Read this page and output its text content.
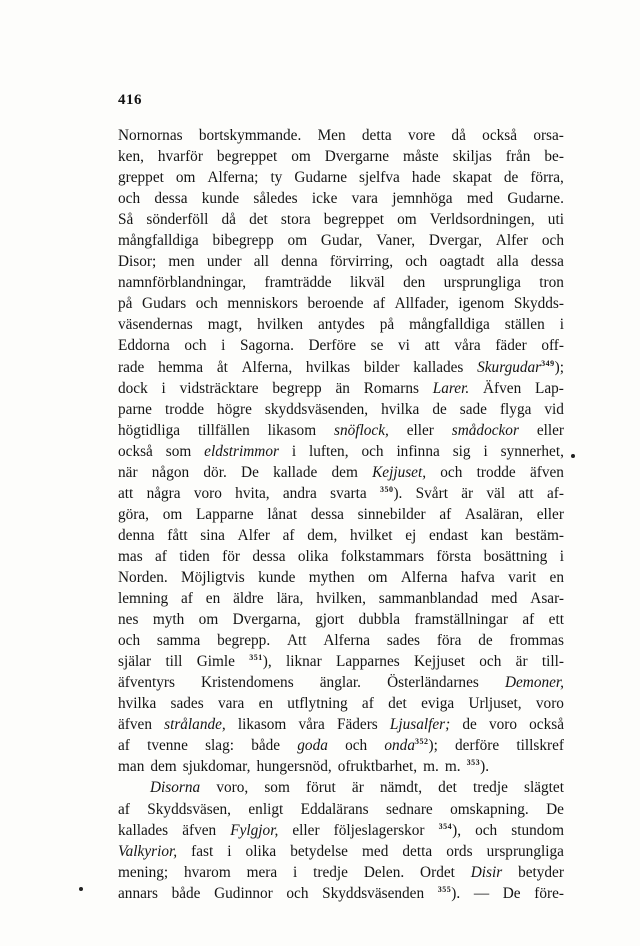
416
Nornornas bortskymmande. Men detta vore då också orsa-
ken, hvarför begreppet om Dvergarne måste skiljas från be-
greppet om Alferna; ty Gudarne sjelfva hade skapat de förra,
och dessa kunde således icke vara jemnhöga med Gudarne.
Så sönderföll då det stora begreppet om Verldsordningen, uti
mångfalldiga bibegrepp om Gudar, Vaner, Dvergar, Alfer och
Disor; men under all denna förvirring, och oagtadt alla dessa
namnförblandningar, framträdde likväl den ursprungliga tron
på Gudars och menniskors beroende af Allfader, igenom Skydds-
väsendernas magt, hvilken antydes på mångfalldiga ställen i
Eddorna och i Sagorna. Derföre se vi att våra fäder off-
rade hemma åt Alferna, hvilkas bilder kallades Skurgudar$^{349}$);
dock i vidsträcktare begrepp än Romarns Larer. Äfven Lap-
parne trodde högre skyddsväsenden, hvilka de sade flyga vid
högtidliga tillfällen likasom snöflock, eller smådockor eller
också som eldstrimmor i luften, och infinna sig i synnerhet,
när någon dör. De kallade dem Kejjuset, och trodde äfven
att några voro hvita, andra svarta $^{350}$). Svårt är väl att af-
göra, om Lapparne lånat dessa sinnebilder af Asaläran, eller
denna fått sina Alfer af dem, hvilket ej endast kan bestäm-
mas af tiden för dessa olika folkstammars första bosättning i
Norden. Möjligtvis kunde mythen om Alferna hafva varit en
lemning af en äldre lära, hvilken, sammanblandad med Asar-
nes myth om Dvergarna, gjort dubbla framställningar af ett
och samma begrepp. Att Alferna sades föra de frommas
själar till Gimle $^{351}$), liknar Lapparnes Kejjuset och är till-
äfventyrs Kristendomens änglar. Österländarnes Demoner,
hvilka sades vara en utflytning af det eviga Urljuset, voro
äfven strålande, likasom våra Fäders Ljusalfer; de voro också
af tvenne slag: både goda och onda$^{352}$); derföre tillskref
man dem sjukdomar, hungersnöd, ofruktbarhet, m. m. $^{353}$).
Disorna voro, som förut är nämdt, det tredje slägtet
af Skyddsväsen, enligt Eddalärans sednare omskapning. De
kallades äfven Fylgjor, eller följeslagerskor $^{354}$), och stundom
Valkyrior, fast i olika betydelse med detta ords ursprungliga
mening; hvarom mera i tredje Delen. Ordet Disir betyder
annars både Gudinnor och Skyddsväsenden $^{355}$). — De före-
